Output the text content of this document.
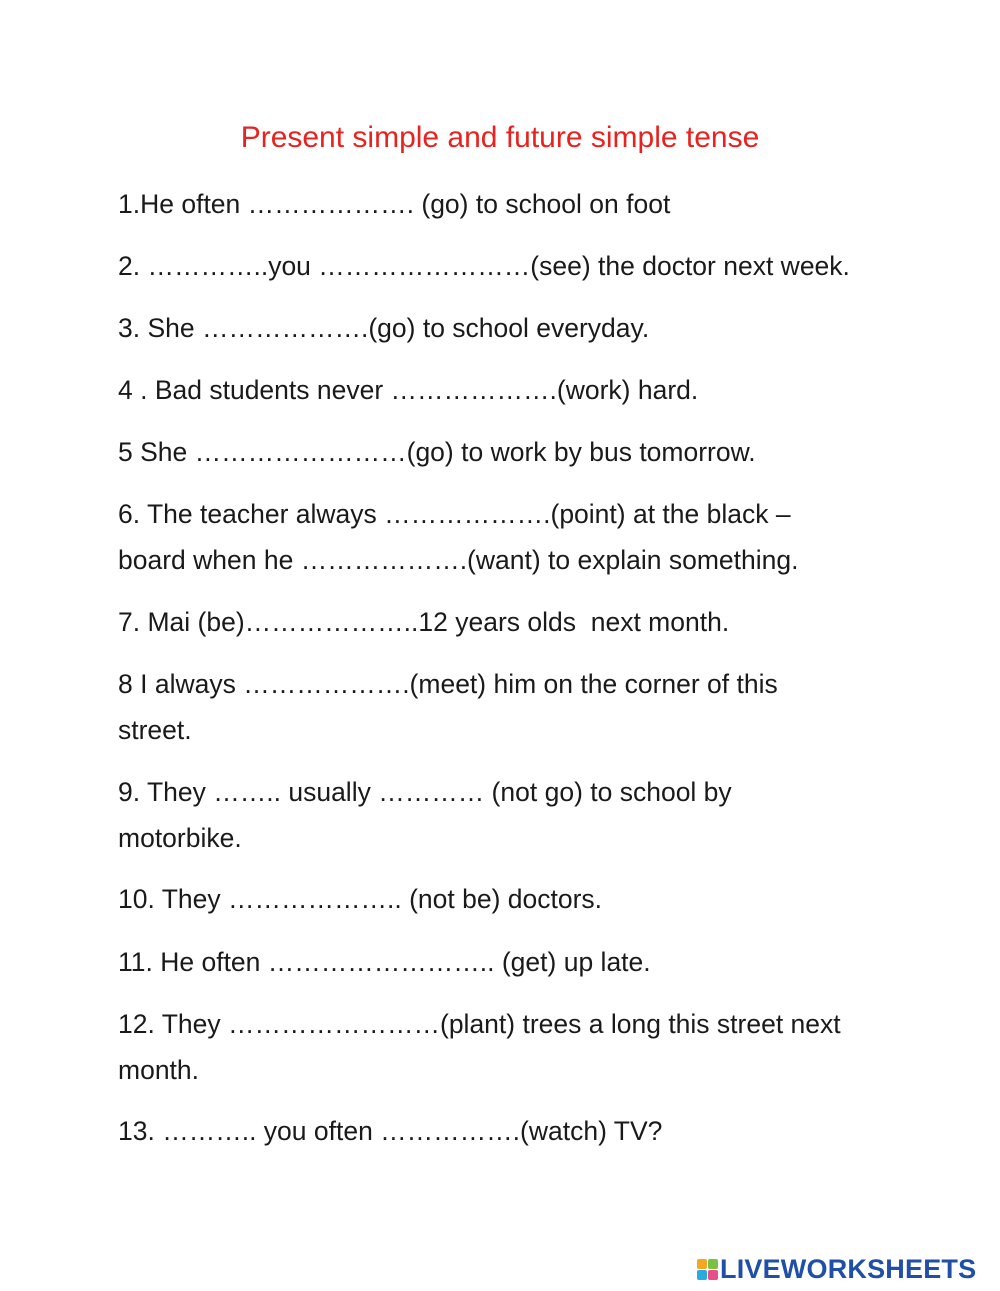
Present simple and future simple tense
1.He often ………………. (go) to school on foot
2. …………..you ……………………(see) the doctor next week.
3. She ……………….(go) to school everyday.
4 . Bad students never ……………….(work) hard.
5 She ……………………(go) to work by bus tomorrow.
6. The teacher always ……………….(point) at the black –
board when he ……………….(want) to explain something.
7. Mai (be)………………..12 years olds  next month.
8 I always ……………….(meet) him on the corner of this
street.
9. They …….. usually ………… (not go) to school by
motorbike.
10. They ……………….. (not be) doctors.
11. He often …………………….. (get) up late.
12. They ……………………(plant) trees a long this street next
month.
13. ……….. you often …………….(watch) TV?
LIVEWORKSHEETS
